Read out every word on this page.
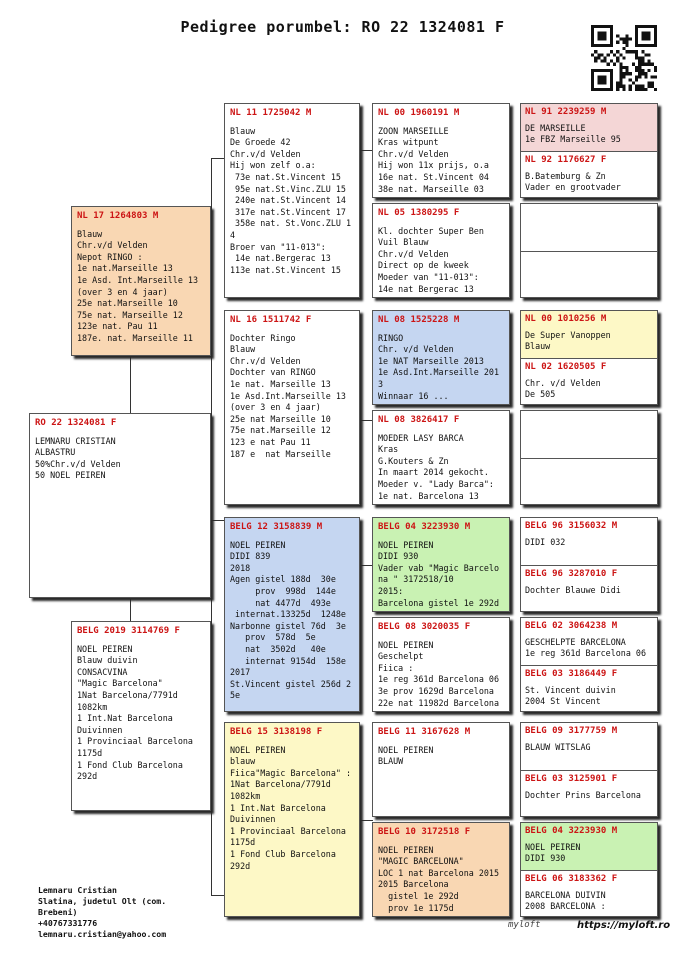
Pedigree porumbel: RO 22 1324081 F
RO 22 1324081 F
LEMNARU CRISTIAN
ALBASTRU
50%Chr.v/d Velden
50 NOEL PEIREN
NL 17 1264803 M
Blauw
Chr.v/d Velden
Nepot RINGO :
1e nat.Marseille 13
1e Asd. Int.Marseille 13
(over 3 en 4 jaar)
25e nat.Marseille 10
75e nat. Marseille 12
123e nat. Pau 11
187e. nat. Marseille 11
BELG 2019 3114769 F
NOEL PEIREN
Blauw duivin
CONSACVINA
"Magic Barcelona"
1Nat Barcelona/7791d
1082km
1 Int.Nat Barcelona
Duivinnen
1 Provinciaal Barcelona
1175d
1 Fond Club Barcelona
292d
NL 11 1725042 M
Blauw
De Groede 42
Chr.v/d Velden
Hij won zelf o.a:
73e nat.St.Vincent 15
95e nat.St.Vinc.ZLU 15
240e nat.St.Vincent 14
317e nat.St.Vincent 17
358e nat. St.Vonc.ZLU 1
4
Broer van "11-013":
14e nat.Bergerac 13
113e nat.St.Vincent 15
NL 16 1511742 F
Dochter Ringo
Blauw
Chr.v/d Velden
Dochter van RINGO
1e nat. Marseille 13
1e Asd.Int.Marseille 13
(over 3 en 4 jaar)
25e nat Marseille 10
75e nat.Marseille 12
123 e nat Pau 11
187 e  nat Marseille
BELG 12 3158839 M
NOEL PEIREN
DIDI 839
2018
Agen gistel 188d  30e
prov  998d  144e
nat 4477d  493e
internat.13325d  1248e
Narbonne gistel 76d  3e
prov  578d  5e
nat  3502d   40e
internat 9154d  158e
2017
St.Vincent gistel 256d 2
5e
BELG 15 3138198 F
NOEL PEIREN
blauw
Fiica"Magic Barcelona" :
1Nat Barcelona/7791d
1082km
1 Int.Nat Barcelona
Duivinnen
1 Provinciaal Barcelona
1175d
1 Fond Club Barcelona
292d
NL 00 1960191 M
ZOON MARSEILLE
Kras witpunt
Chr.v/d Velden
Hij won 11x prijs, o.a
16e nat. St.Vincent 04
38e nat. Marseille 03
NL 05 1380295 F
Kl. dochter Super Ben
Vuil Blauw
Chr.v/d Velden
Direct op de kweek
Moeder van "11-013":
14e nat Bergerac 13
NL 08 1525228 M
RINGO
Chr. v/d Velden
1e NAT Marseille 2013
1e Asd.Int.Marseille 201
3
Winnaar 16 ...
NL 08 3826417 F
MOEDER LASY BARCA
Kras
G.Kouters & Zn
In maart 2014 gekocht.
Moeder v. "Lady Barca":
1e nat. Barcelona 13
BELG 04 3223930 M
NOEL PEIREN
DIDI 930
Vader vab "Magic Barcelo
na " 3172518/10
2015:
Barcelona gistel 1e 292d
BELG 08 3020035 F
NOEL PEIREN
Geschelpt
Fiica :
1e reg 361d Barcelona 06
3e prov 1629d Barcelona
22e nat 11982d Barcelona
BELG 11 3167628 M
NOEL PEIREN
BLAUW
BELG 10 3172518 F
NOEL PEIREN
"MAGIC BARCELONA"
LOC 1 nat Barcelona 2015
2015 Barcelona
gistel 1e 292d
prov 1e 1175d
NL 91 2239259 M
DE MARSEILLE
1e FBZ Marseille 95
NL 92 1176627 F
B.Batemburg & Zn
Vader en grootvader
NL 00 1010256 M
De Super Vanoppen
Blauw
NL 02 1620505 F
Chr. v/d Velden
De 505
BELG 96 3156032 M
DIDI 032
BELG 96 3287010 F
Dochter Blauwe Didi
BELG 02 3064238 M
GESCHELPTE BARCELONA
1e reg 361d Barcelona 06
BELG 03 3186449 F
St. Vincent duivin
2004 St Vincent
BELG 09 3177759 M
BLAUW WITSLAG
BELG 03 3125901 F
Dochter Prins Barcelona
BELG 04 3223930 M
NOEL PEIREN
DIDI 930
BELG 06 3183362 F
BARCELONA DUIVIN
2008 BARCELONA :
Lemnaru Cristian
Slatina, judetul Olt (com.
Brebeni)
+40767331776
lemnaru.cristian@yahoo.com
myloft	https://myloft.ro
